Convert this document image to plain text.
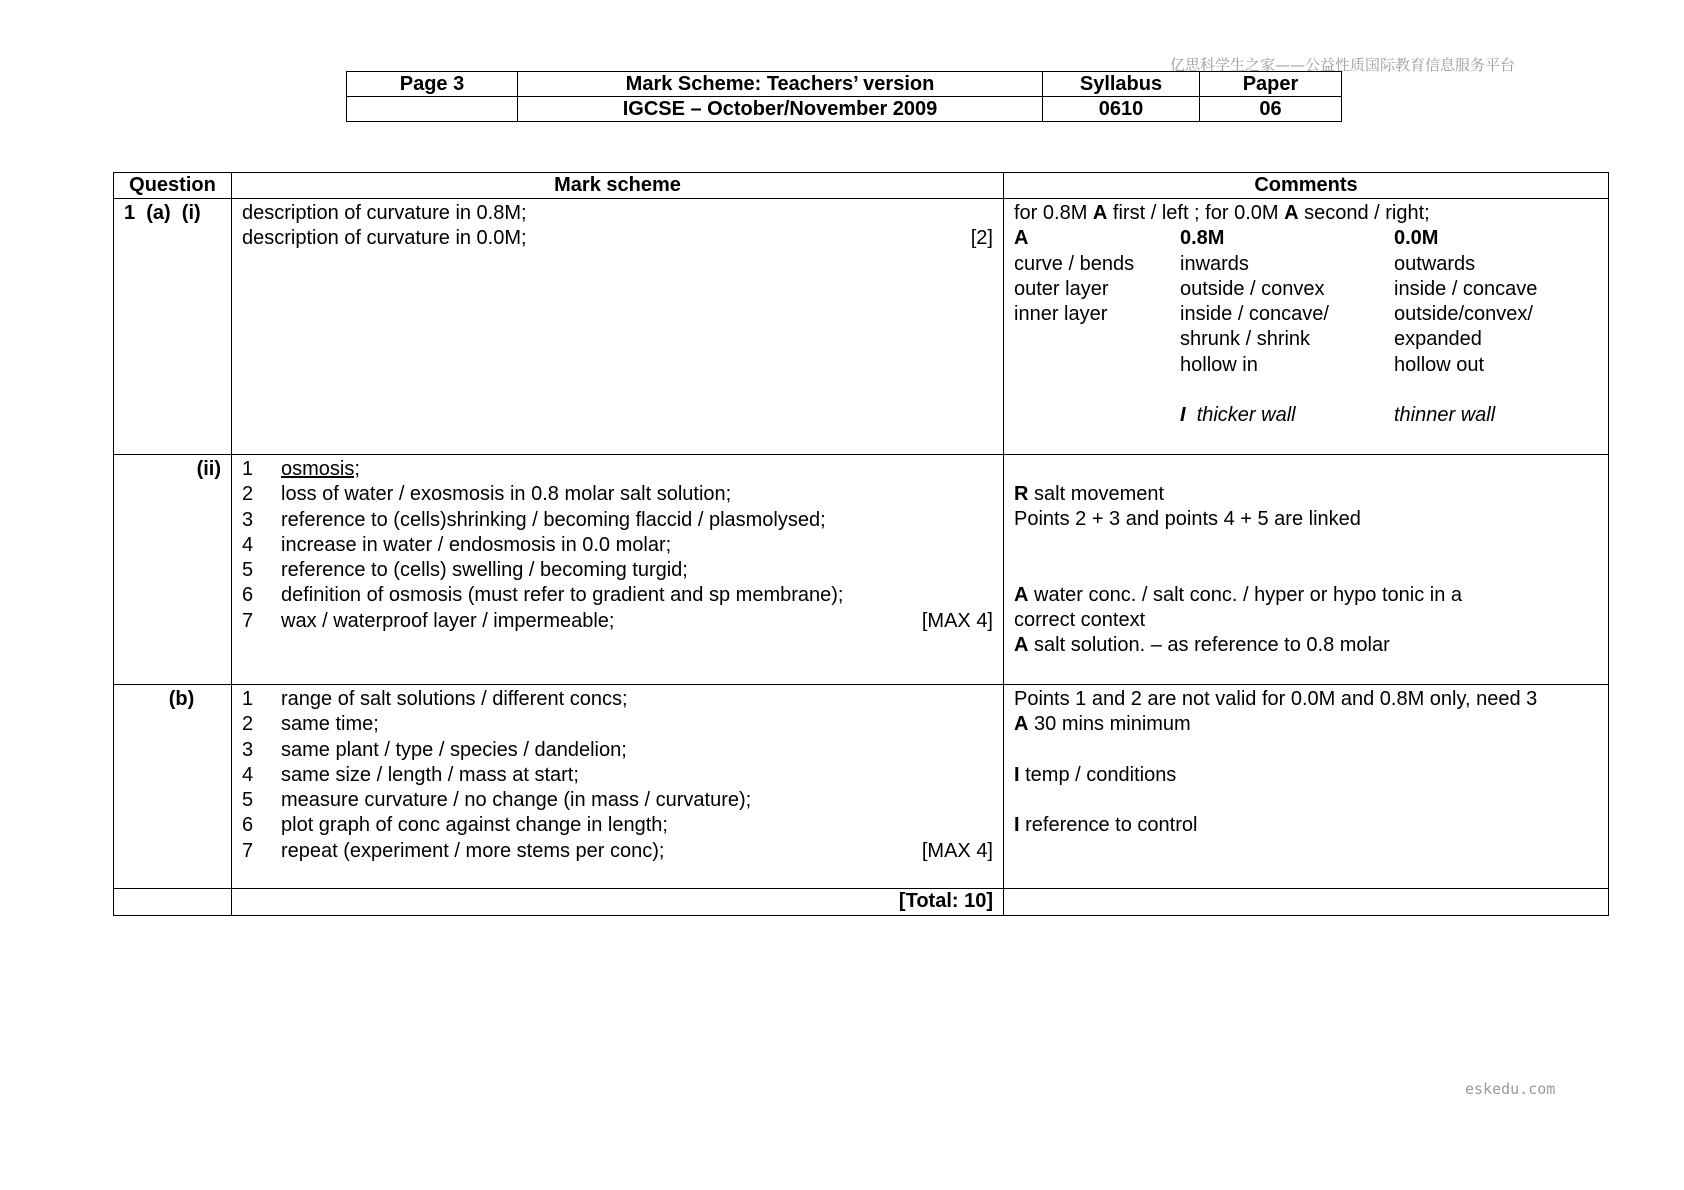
亿思科学生之家——公益性质国际教育信息服务平台
eskedu.com
Page 3	Mark Scheme: Teachers’ version	Syllabus	Paper
	IGCSE – October/November 2009	0610	06
Question	Mark scheme	Comments
1  (a)  (i)	description of curvature in 0.8M;
description of curvature in 0.0M;	[2]

for 0.8M A first / left ; for 0.0M A second / right;
A	0.8M	0.0M
curve / bends	inwards	outwards
outer layer	outside / convex	inside / concave
inner layer	inside / concave/	outside/convex/
	shrunk / shrink	expanded
	hollow in	hollow out

	I thicker wall	thinner wall

(ii)	1 osmosis;
2 loss of water / exosmosis in 0.8 molar salt solution;
3 reference to (cells)shrinking / becoming flaccid / plasmolysed;
4 increase in water / endosmosis in 0.0 molar;
5 reference to (cells) swelling / becoming turgid;
6 definition of osmosis (must refer to gradient and sp membrane);
7 wax / waterproof layer / impermeable;	[MAX 4]

R salt movement
Points 2 + 3 and points 4 + 5 are linked
A water conc. / salt conc. / hyper or hypo tonic in a
correct context
A salt solution. – as reference to 0.8 molar

(b)	1 range of salt solutions / different concs;
2 same time;
3 same plant / type / species / dandelion;
4 same size / length / mass at start;
5 measure curvature / no change (in mass / curvature);
6 plot graph of conc against change in length;
7 repeat (experiment / more stems per conc);	[MAX 4]

Points 1 and 2 are not valid for 0.0M and 0.8M only, need 3
A 30 mins minimum
I temp / conditions
I reference to control

	[Total: 10]	
